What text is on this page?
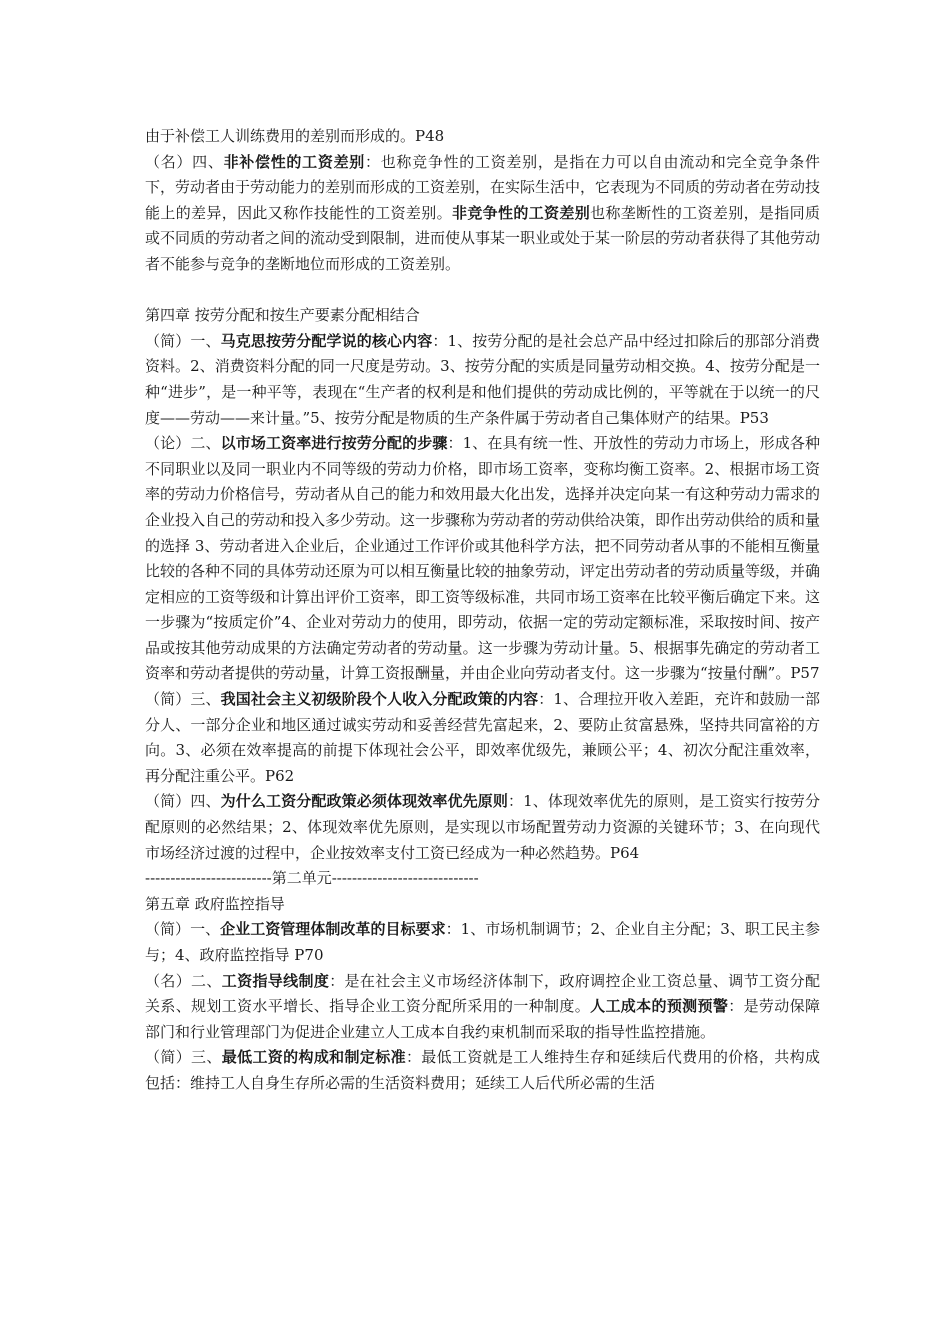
由于补偿工人训练费用的差别而形成的。P48

（名）四、非补偿性的工资差别：也称竞争性的工资差别，是指在力可以自由流动和完全竞争条件下，劳动者由于劳动能力的差别而形成的工资差别，在实际生活中，它表现为不同质的劳动者在劳动技能上的差异，因此又称作技能性的工资差别。非竞争性的工资差别也称垄断性的工资差别，是指同质或不同质的劳动者之间的流动受到限制，进而使从事某一职业或处于某一阶层的劳动者获得了其他劳动者不能参与竞争的垄断地位而形成的工资差别。

第四章 按劳分配和按生产要素分配相结合

（简）一、马克思按劳分配学说的核心内容：1、按劳分配的是社会总产品中经过扣除后的那部分消费资料。2、消费资料分配的同一尺度是劳动。3、按劳分配的实质是同量劳动相交换。4、按劳分配是一种“进步”，是一种平等，表现在“生产者的权利是和他们提供的劳动成比例的，平等就在于以统一的尺度——劳动——来计量。”5、按劳分配是物质的生产条件属于劳动者自己集体财产的结果。P53

（论）二、以市场工资率进行按劳分配的步骤：1、在具有统一性、开放性的劳动力市场上，形成各种不同职业以及同一职业内不同等级的劳动力价格，即市场工资率，变称均衡工资率。2、根据市场工资率的劳动力价格信号，劳动者从自己的能力和效用最大化出发，选择并决定向某一有这种劳动力需求的企业投入自己的劳动和投入多少劳动。这一步骤称为劳动者的劳动供给决策，即作出劳动供给的质和量的选择 3、劳动者进入企业后，企业通过工作评价或其他科学方法，把不同劳动者从事的不能相互衡量比较的各种不同的具体劳动还原为可以相互衡量比较的抽象劳动，评定出劳动者的劳动质量等级，并确定相应的工资等级和计算出评价工资率，即工资等级标准，共同市场工资率在比较平衡后确定下来。这一步骤为“按质定价”4、企业对劳动力的使用，即劳动，依据一定的劳动定额标准，采取按时间、按产品或按其他劳动成果的方法确定劳动者的劳动量。这一步骤为劳动计量。5、根据事先确定的劳动者工资率和劳动者提供的劳动量，计算工资报酬量，并由企业向劳动者支付。这一步骤为“按量付酬”。P57

（简）三、我国社会主义初级阶段个人收入分配政策的内容：1、合理拉开收入差距，充许和鼓励一部分人、一部分企业和地区通过诚实劳动和妥善经营先富起来，2、要防止贫富悬殊，坚持共同富裕的方向。3、必须在效率提高的前提下体现社会公平，即效率优级先，兼顾公平；4、初次分配注重效率，再分配注重公平。P62

（简）四、为什么工资分配政策必须体现效率优先原则：1、体现效率优先的原则，是工资实行按劳分配原则的必然结果；2、体现效率优先原则，是实现以市场配置劳动力资源的关键环节；3、在向现代市场经济过渡的过程中，企业按效率支付工资已经成为一种必然趋势。P64

-------------------------第二单元-----------------------------

第五章 政府监控指导

（简）一、企业工资管理体制改革的目标要求：1、市场机制调节；2、企业自主分配；3、职工民主参与；4、政府监控指导 P70

（名）二、工资指导线制度：是在社会主义市场经济体制下，政府调控企业工资总量、调节工资分配关系、规划工资水平增长、指导企业工资分配所采用的一种制度。人工成本的预测预警：是劳动保障部门和行业管理部门为促进企业建立人工成本自我约束机制而采取的指导性监控措施。

（简）三、最低工资的构成和制定标准：最低工资就是工人维持生存和延续后代费用的价格，共构成包括：维持工人自身生存所必需的生活资料费用；延续工人后代所必需的生活
